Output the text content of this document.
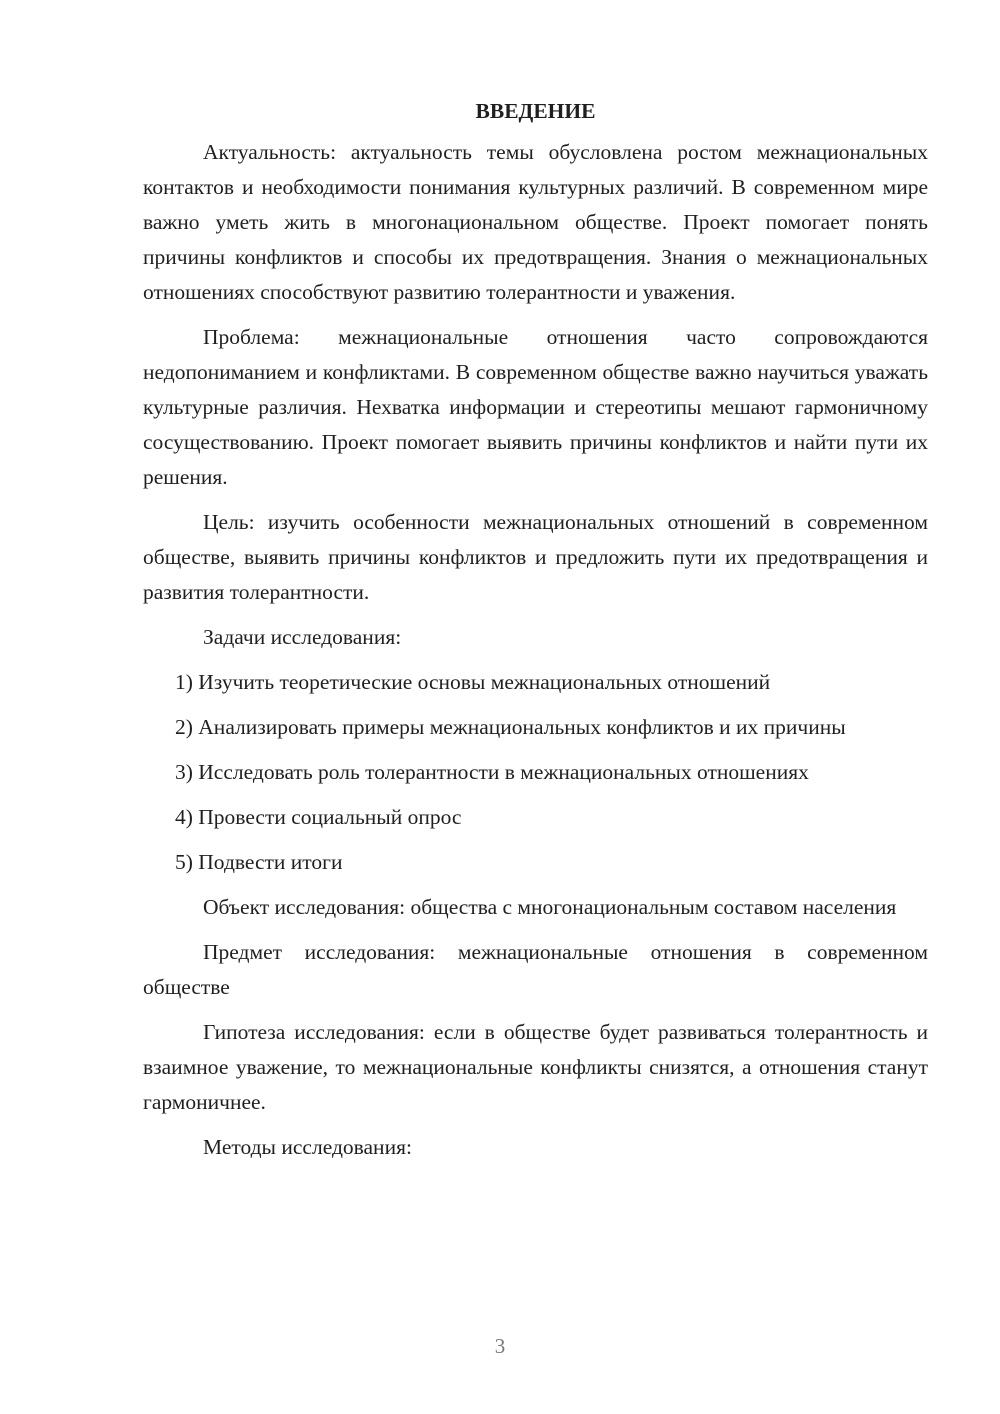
ВВЕДЕНИЕ

Актуальность: актуальность темы обусловлена ростом межнациональных контактов и необходимости понимания культурных различий. В современном мире важно уметь жить в многонациональном обществе. Проект помогает понять причины конфликтов и способы их предотвращения. Знания о межнациональных отношениях способствуют развитию толерантности и уважения.

Проблема: межнациональные отношения часто сопровождаются недопониманием и конфликтами. В современном обществе важно научиться уважать культурные различия. Нехватка информации и стереотипы мешают гармоничному сосуществованию. Проект помогает выявить причины конфликтов и найти пути их решения.

Цель: изучить особенности межнациональных отношений в современном обществе, выявить причины конфликтов и предложить пути их предотвращения и развития толерантности.

Задачи исследования:

1) Изучить теоретические основы межнациональных отношений

2) Анализировать примеры межнациональных конфликтов и их причины

3) Исследовать роль толерантности в межнациональных отношениях

4) Провести социальный опрос

5) Подвести итоги

Объект исследования: общества с многонациональным составом населения

Предмет исследования: межнациональные отношения в современном обществе

Гипотеза исследования: если в обществе будет развиваться толерантность и взаимное уважение, то межнациональные конфликты снизятся, а отношения станут гармоничнее.

Методы исследования:

3
